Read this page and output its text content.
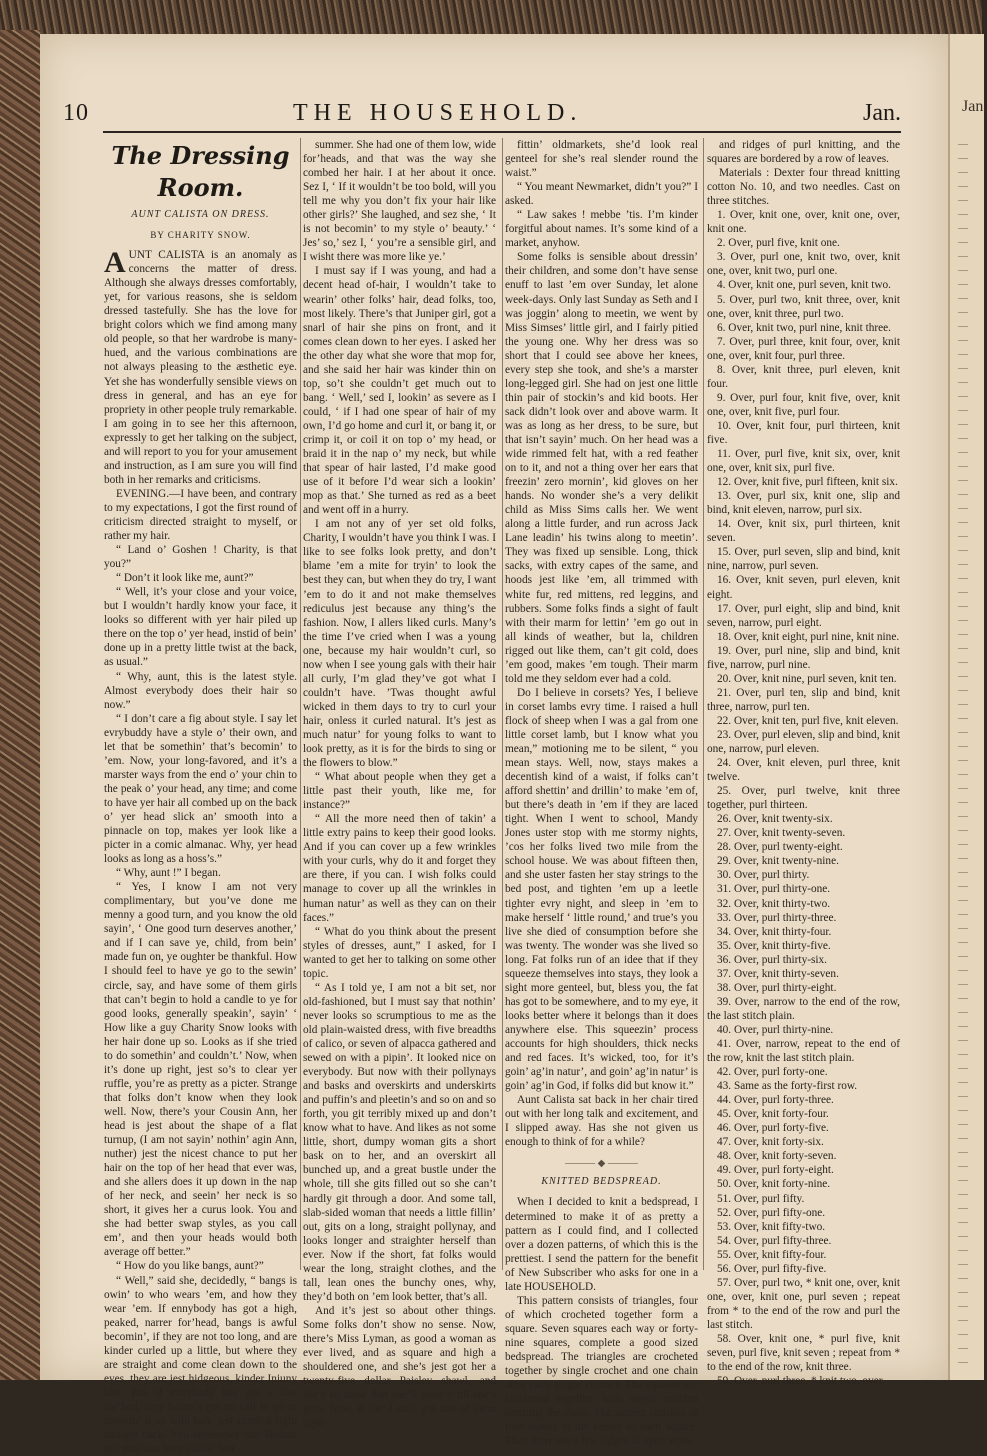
Jan.
10	THE HOUSEHOLD.	Jan.
The Dressing Room.
AUNT CALISTA ON DRESS.
BY CHARITY SNOW.

AUNT CALISTA is an anomaly as concerns the matter of dress. Although she always dresses comfortably, yet, for various reasons, she is seldom dressed tastefully. She has the love for bright colors which we find among many old people, so that her wardrobe is many-hued, and the various combinations are not always pleasing to the æsthetic eye. Yet she has wonderfully sensible views on dress in general, and has an eye for propriety in other people truly remarkable. I am going in to see her this afternoon, expressly to get her talking on the subject, and will report to you for your amusement and instruction, as I am sure you will find both in her remarks and criticisms.

EVENING.—I have been, and contrary to my expectations, I got the first round of criticism directed straight to myself, or rather my hair.

“ Land o’ Goshen ! Charity, is that you?”

“ Don’t it look like me, aunt?”

“ Well, it’s your close and your voice, but I wouldn’t hardly know your face, it looks so different with yer hair piled up there on the top o’ yer head, instid of bein’ done up in a pretty little twist at the back, as usual.”

“ Why, aunt, this is the latest style. Almost everybody does their hair so now.”

“ I don’t care a fig about style. I say let evrybuddy have a style o’ their own, and let that be somethin’ that’s becomin’ to ’em. Now, your long-favored, and it’s a marster ways from the end o’ your chin to the peak o’ your head, any time; and come to have yer hair all combed up on the back o’ yer head slick an’ smooth into a pinnacle on top, makes yer look like a picter in a comic almanac. Why, yer head looks as long as a hoss’s.”

“ Why, aunt !” I began.

“ Yes, I know I am not very complimentary, but you’ve done me menny a good turn, and you know the old sayin’, ‘ One good turn deserves another,’ and if I can save ye, child, from bein’ made fun on, ye oughter be thankful. How I should feel to have ye go to the sewin’ circle, say, and have some of them girls that can’t begin to hold a candle to ye for good looks, generally speakin’, sayin’ ‘ How like a guy Charity Snow looks with her hair done up so. Looks as if she tried to do somethin’ and couldn’t.’ Now, when it’s done up right, jest so’s to clear yer ruffle, you’re as pretty as a picter. Strange that folks don’t know when they look well. Now, there’s your Cousin Ann, her head is jest about the shape of a flat turnup, (I am not sayin’ nothin’ agin Ann, nuther) jest the nicest chance to put her hair on the top of her head that ever was, and she allers does it up down in the nap of her neck, and seein’ her neck is so short, it gives her a curus look. You and she had better swap styles, as you call em’, and then your heads would both average off better.”

“ How do you like bangs, aunt?”

“ Well,” said she, decidedly, “ bangs is owin’ to who wears ’em, and how they wear ’em. If ennybody has got a high, peaked, narrer for’head, bangs is awful becomin’, if they are not too long, and are kinder curled up a little, but where they are straight and come clean down to the eyes, they are jest hidgeous, kinder Injuny like. But if ennybody has got a low for’hed, they haven’t got no call to go to coverin’ it up with hair, jest comb it right straight back. You remember that Boston girl that was here visitin’ last

summer. She had one of them low, wide for’heads, and that was the way she combed her hair. I at her about it once. Sez I, ‘ If it wouldn’t be too bold, will you tell me why you don’t fix your hair like other girls?’ She laughed, and sez she, ‘ It is not becomin’ to my style o’ beauty.’ ‘ Jes’ so,’ sez I, ‘ you’re a sensible girl, and I wisht there was more like ye.’

I must say if I was young, and had a decent head of-hair, I wouldn’t take to wearin’ other folks’ hair, dead folks, too, most likely. There’s that Juniper girl, got a snarl of hair she pins on front, and it comes clean down to her eyes. I asked her the other day what she wore that mop for, and she said her hair was kinder thin on top, so’t she couldn’t get much out to bang. ‘ Well,’ sed I, lookin’ as severe as I could, ‘ if I had one spear of hair of my own, I’d go home and curl it, or bang it, or crimp it, or coil it on top o’ my head, or braid it in the nap o’ my neck, but while that spear of hair lasted, I’d make good use of it before I’d wear sich a lookin’ mop as that.’ She turned as red as a beet and went off in a hurry.

I am not any of yer set old folks, Charity, I wouldn’t have you think I was. I like to see folks look pretty, and don’t blame ’em a mite for tryin’ to look the best they can, but when they do try, I want ’em to do it and not make themselves rediculus jest because any thing’s the fashion. Now, I allers liked curls. Many’s the time I’ve cried when I was a young one, because my hair wouldn’t curl, so now when I see young gals with their hair all curly, I’m glad they’ve got what I couldn’t have. ’Twas thought awful wicked in them days to try to curl your hair, onless it curled natural. It’s jest as much natur’ for young folks to want to look pretty, as it is for the birds to sing or the flowers to blow.”

“ What about people when they get a little past their youth, like me, for instance?”

“ All the more need then of takin’ a little extry pains to keep their good looks. And if you can cover up a few wrinkles with your curls, why do it and forget they are there, if you can. I wish folks could manage to cover up all the wrinkles in human natur’ as well as they can on their faces.”

“ What do you think about the present styles of dresses, aunt,” I asked, for I wanted to get her to talking on some other topic.

“ As I told ye, I am not a bit set, nor old-fashioned, but I must say that nothin’ never looks so scrumptious to me as the old plain-waisted dress, with five breadths of calico, or seven of alpacca gathered and sewed on with a pipin’. It looked nice on everybody. But now with their pollynays and basks and overskirts and underskirts and puffin’s and pleetin’s and so on and so forth, you git terribly mixed up and don’t know what to have. And likes as not some little, short, dumpy woman gits a short bask on to her, and an overskirt all bunched up, and a great bustle under the whole, till she gits filled out so she can’t hardly git through a door. And some tall, slab-sided woman that needs a little fillin’ out, gits on a long, straight pollynay, and looks longer and straighter herself than ever. Now if the short, fat folks would wear the long, straight clothes, and the tall, lean ones the bunchy ones, why, they’d both on ’em look better, that’s all.

And it’s jest so about other things. Some folks don’t show no sense. Now, there’s Miss Lyman, as good a woman as ever lived, and as square and high a shouldered one, and she’s jest got her a twenty-five dollar Paisley shawl, and she’s so close that she’ll wear it till she’s gray. Now, if she’d only got one of them tight-

fittin’ oldmarkets, she’d look real genteel for she’s real slender round the waist.”

“ You meant Newmarket, didn’t you?” I asked.

“ Law sakes ! mebbe ’tis. I’m kinder forgitful about names. It’s some kind of a market, anyhow.

Some folks is sensible about dressin’ their children, and some don’t have sense enuff to last ’em over Sunday, let alone week-days. Only last Sunday as Seth and I was joggin’ along to meetin, we went by Miss Simses’ little girl, and I fairly pitied the young one. Why her dress was so short that I could see above her knees, every step she took, and she’s a marster long-legged girl. She had on jest one little thin pair of stockin’s and kid boots. Her sack didn’t look over and above warm. It was as long as her dress, to be sure, but that isn’t sayin’ much. On her head was a wide rimmed felt hat, with a red feather on to it, and not a thing over her ears that freezin’ zero mornin’, kid gloves on her hands. No wonder she’s a very delikit child as Miss Sims calls her. We went along a little furder, and run across Jack Lane leadin’ his twins along to meetin’. They was fixed up sensible. Long, thick sacks, with extry capes of the same, and hoods jest like ’em, all trimmed with white fur, red mittens, red leggins, and rubbers. Some folks finds a sight of fault with their marm for lettin’ ’em go out in all kinds of weather, but la, children rigged out like them, can’t git cold, does ’em good, makes ’em tough. Their marm told me they seldom ever had a cold.

Do I believe in corsets? Yes, I believe in corset lambs evry time. I raised a hull flock of sheep when I was a gal from one little corset lamb, but I know what you mean,” motioning me to be silent, “ you mean stays. Well, now, stays makes a decentish kind of a waist, if folks can’t afford shettin’ and drillin’ to make ’em of, but there’s death in ’em if they are laced tight. When I went to school, Mandy Jones uster stop with me stormy nights, ’cos her folks lived two mile from the school house. We was about fifteen then, and she uster fasten her stay strings to the bed post, and tighten ’em up a leetle tighter evry night, and sleep in ’em to make herself ‘ little round,’ and true’s you live she died of consumption before she was twenty. The wonder was she lived so long. Fat folks run of an idee that if they squeeze themselves into stays, they look a sight more genteel, but, bless you, the fat has got to be somewhere, and to my eye, it looks better where it belongs than it does anywhere else. This squeezin’ process accounts for high shoulders, thick necks and red faces. It’s wicked, too, for it’s goin’ ag’in natur’, and goin’ ag’in natur’ is goin’ ag’in God, if folks did but know it.”

Aunt Calista sat back in her chair tired out with her long talk and excitement, and I slipped away. Has she not given us enough to think of for a while?

——— ◆ ———
KNITTED BEDSPREAD.

When I decided to knit a bedspread, I determined to make it of as pretty a pattern as I could find, and I collected over a dozen patterns, of which this is the prettiest. I send the pattern for the benefit of New Subscriber who asks for one in a late HOUSEHOLD.

This pattern consists of triangles, four of which crocheted together form a square. Seven squares each way or forty-nine squares, complete a good sized bedspread. The triangles are crocheted together by single crochet and one chain after each single crochet. The squares are crocheted together with single crochet omitting the chain. The pattern consists of four leaves in the center of each square. Then there are a few ridges of open work

and ridges of purl knitting, and the squares are bordered by a row of leaves.

Materials : Dexter four thread knitting cotton No. 10, and two needles. Cast on three stitches.

1. Over, knit one, over, knit one, over, knit one.

2. Over, purl five, knit one.

3. Over, purl one, knit two, over, knit one, over, knit two, purl one.

4. Over, knit one, purl seven, knit two.

5. Over, purl two, knit three, over, knit one, over, knit three, purl two.

6. Over, knit two, purl nine, knit three.

7. Over, purl three, knit four, over, knit one, over, knit four, purl three.

8. Over, knit three, purl eleven, knit four.

9. Over, purl four, knit five, over, knit one, over, knit five, purl four.

10. Over, knit four, purl thirteen, knit five.

11. Over, purl five, knit six, over, knit one, over, knit six, purl five.

12. Over, knit five, purl fifteen, knit six.

13. Over, purl six, knit one, slip and bind, knit eleven, narrow, purl six.

14. Over, knit six, purl thirteen, knit seven.

15. Over, purl seven, slip and bind, knit nine, narrow, purl seven.

16. Over, knit seven, purl eleven, knit eight.

17. Over, purl eight, slip and bind, knit seven, narrow, purl eight.

18. Over, knit eight, purl nine, knit nine.

19. Over, purl nine, slip and bind, knit five, narrow, purl nine.

20. Over, knit nine, purl seven, knit ten.

21. Over, purl ten, slip and bind, knit three, narrow, purl ten.

22. Over, knit ten, purl five, knit eleven.

23. Over, purl eleven, slip and bind, knit one, narrow, purl eleven.

24. Over, knit eleven, purl three, knit twelve.

25. Over, purl twelve, knit three together, purl thirteen.

26. Over, knit twenty-six.

27. Over, knit twenty-seven.

28. Over, purl twenty-eight.

29. Over, knit twenty-nine.

30. Over, purl thirty.

31. Over, purl thirty-one.

32. Over, knit thirty-two.

33. Over, purl thirty-three.

34. Over, knit thirty-four.

35. Over, knit thirty-five.

36. Over, purl thirty-six.

37. Over, knit thirty-seven.

38. Over, purl thirty-eight.

39. Over, narrow to the end of the row, the last stitch plain.

40. Over, purl thirty-nine.

41. Over, narrow, repeat to the end of the row, knit the last stitch plain.

42. Over, purl forty-one.

43. Same as the forty-first row.

44. Over, purl forty-three.

45. Over, knit forty-four.

46. Over, purl forty-five.

47. Over, knit forty-six.

48. Over, knit forty-seven.

49. Over, purl forty-eight.

50. Over, knit forty-nine.

51. Over, purl fifty.

52. Over, purl fifty-one.

53. Over, knit fifty-two.

54. Over, purl fifty-three.

55. Over, knit fifty-four.

56. Over, purl fifty-five.

57. Over, purl two, * knit one, over, knit one, over, knit one, purl seven ; repeat from * to the end of the row and purl the last stitch.

58. Over, knit one, * purl five, knit seven, purl five, knit seven ; repeat from * to the end of the row, knit three.

59. Over, purl three, * knit two, over,
